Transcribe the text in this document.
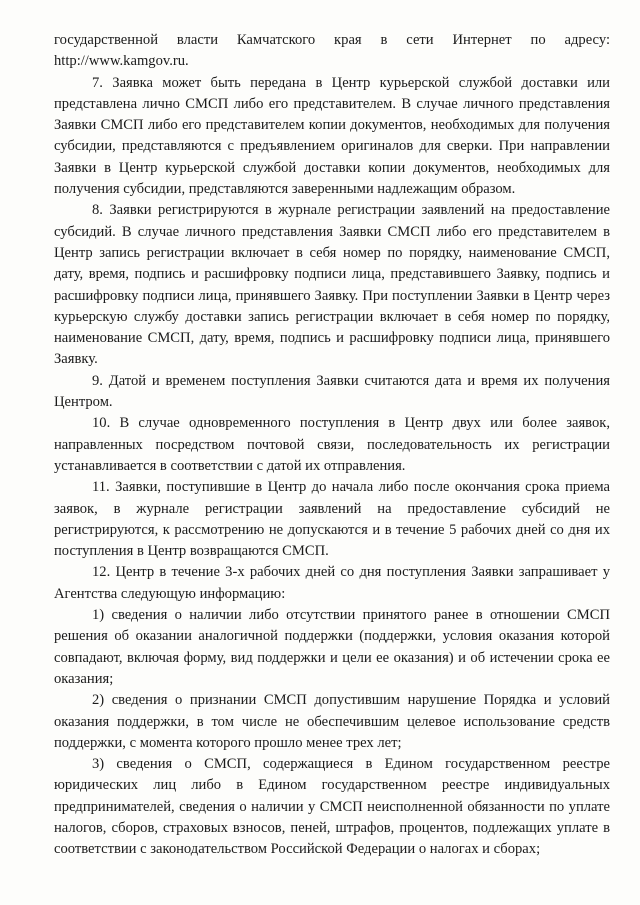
государственной власти Камчатского края в сети Интернет по адресу: http://www.kamgov.ru.

7. Заявка может быть передана в Центр курьерской службой доставки или представлена лично СМСП либо его представителем. В случае личного представления Заявки СМСП либо его представителем копии документов, необходимых для получения субсидии, представляются с предъявлением оригиналов для сверки. При направлении Заявки в Центр курьерской службой доставки копии документов, необходимых для получения субсидии, представляются заверенными надлежащим образом.

8. Заявки регистрируются в журнале регистрации заявлений на предоставление субсидий. В случае личного представления Заявки СМСП либо его представителем в Центр запись регистрации включает в себя номер по порядку, наименование СМСП, дату, время, подпись и расшифровку подписи лица, представившего Заявку, подпись и расшифровку подписи лица, принявшего Заявку. При поступлении Заявки в Центр через курьерскую службу доставки запись регистрации включает в себя номер по порядку, наименование СМСП, дату, время, подпись и расшифровку подписи лица, принявшего Заявку.

9. Датой и временем поступления Заявки считаются дата и время их получения Центром.

10. В случае одновременного поступления в Центр двух или более заявок, направленных посредством почтовой связи, последовательность их регистрации устанавливается в соответствии с датой их отправления.

11. Заявки, поступившие в Центр до начала либо после окончания срока приема заявок, в журнале регистрации заявлений на предоставление субсидий не регистрируются, к рассмотрению не допускаются и в течение 5 рабочих дней со дня их поступления в Центр возвращаются СМСП.

12. Центр в течение 3-х рабочих дней со дня поступления Заявки запрашивает у Агентства следующую информацию:

1) сведения о наличии либо отсутствии принятого ранее в отношении СМСП решения об оказании аналогичной поддержки (поддержки, условия оказания которой совпадают, включая форму, вид поддержки и цели ее оказания) и об истечении срока ее оказания;

2) сведения о признании СМСП допустившим нарушение Порядка и условий оказания поддержки, в том числе не обеспечившим целевое использование средств поддержки, с момента которого прошло менее трех лет;

3) сведения о СМСП, содержащиеся в Едином государственном реестре юридических лиц либо в Едином государственном реестре индивидуальных предпринимателей, сведения о наличии у СМСП неисполненной обязанности по уплате налогов, сборов, страховых взносов, пеней, штрафов, процентов, подлежащих уплате в соответствии с законодательством Российской Федерации о налогах и сборах;
